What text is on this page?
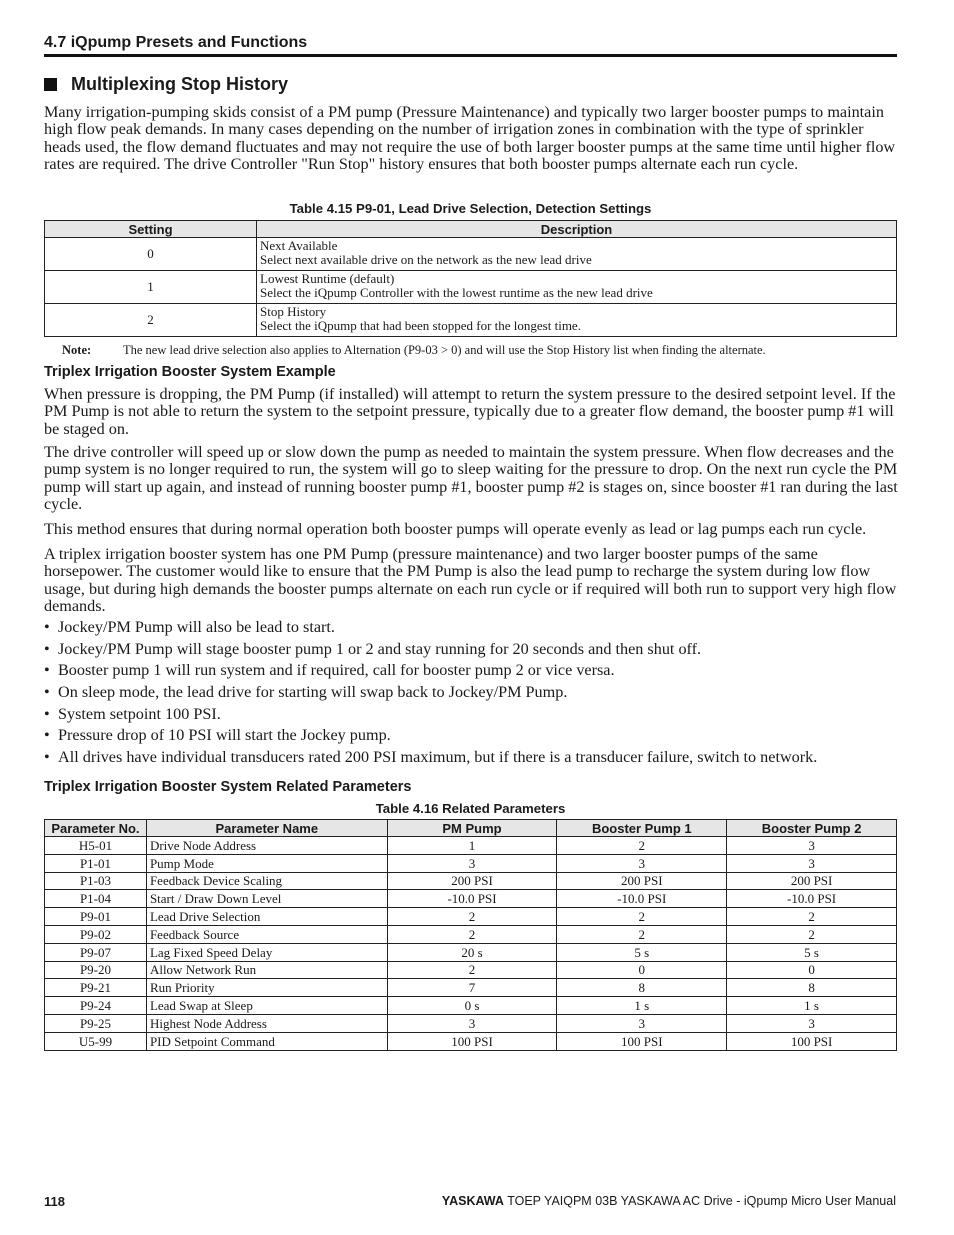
4.7 iQpump Presets and Functions
Multiplexing Stop History

Many irrigation-pumping skids consist of a PM pump (Pressure Maintenance) and typically two larger booster pumps to maintain high flow peak demands. In many cases depending on the number of irrigation zones in combination with the type of sprinkler heads used, the flow demand fluctuates and may not require the use of both larger booster pumps at the same time until higher flow rates are required. The drive Controller "Run Stop" history ensures that both booster pumps alternate each run cycle.

Table 4.15 P9-01, Lead Drive Selection, Detection Settings
Setting	Description
0	Next Available
Select next available drive on the network as the new lead drive

1	Lowest Runtime (default)
Select the iQpump Controller with the lowest runtime as the new lead drive

2	Stop History
Select the iQpump that had been stopped for the longest time.
Note:	The new lead drive selection also applies to Alternation (P9-03 > 0) and will use the Stop History list when finding the alternate.
Triplex Irrigation Booster System Example

When pressure is dropping, the PM Pump (if installed) will attempt to return the system pressure to the desired setpoint level. If the PM Pump is not able to return the system to the setpoint pressure, typically due to a greater flow demand, the booster pump #1 will be staged on.

The drive controller will speed up or slow down the pump as needed to maintain the system pressure. When flow decreases and the pump system is no longer required to run, the system will go to sleep waiting for the pressure to drop. On the next run cycle the PM pump will start up again, and instead of running booster pump #1, booster pump #2 is stages on, since booster #1 ran during the last cycle.

This method ensures that during normal operation both booster pumps will operate evenly as lead or lag pumps each run cycle.

A triplex irrigation booster system has one PM Pump (pressure maintenance) and two larger booster pumps of the same horsepower. The customer would like to ensure that the PM Pump is also the lead pump to recharge the system during low flow usage, but during high demands the booster pumps alternate on each run cycle or if required will both run to support very high flow demands.

• Jockey/PM Pump will also be lead to start.
• Jockey/PM Pump will stage booster pump 1 or 2 and stay running for 20 seconds and then shut off.
• Booster pump 1 will run system and if required, call for booster pump 2 or vice versa.
• On sleep mode, the lead drive for starting will swap back to Jockey/PM Pump.
• System setpoint 100 PSI.
• Pressure drop of 10 PSI will start the Jockey pump.
• All drives have individual transducers rated 200 PSI maximum, but if there is a transducer failure, switch to network.
Triplex Irrigation Booster System Related Parameters
Table 4.16 Related Parameters
Parameter No.	Parameter Name	PM Pump	Booster Pump 1	Booster Pump 2
H5-01	Drive Node Address	1	2	3
P1-01	Pump Mode	3	3	3
P1-03	Feedback Device Scaling	200 PSI	200 PSI	200 PSI
P1-04	Start / Draw Down Level	-10.0 PSI	-10.0 PSI	-10.0 PSI
P9-01	Lead Drive Selection	2	2	2
P9-02	Feedback Source	2	2	2
P9-07	Lag Fixed Speed Delay	20 s	5 s	5 s
P9-20	Allow Network Run	2	0	0
P9-21	Run Priority	7	8	8
P9-24	Lead Swap at Sleep	0 s	1 s	1 s
P9-25	Highest Node Address	3	3	3
U5-99	PID Setpoint Command	100 PSI	100 PSI	100 PSI
118	YASKAWA TOEP YAIQPM 03B YASKAWA AC Drive - iQpump Micro User Manual
